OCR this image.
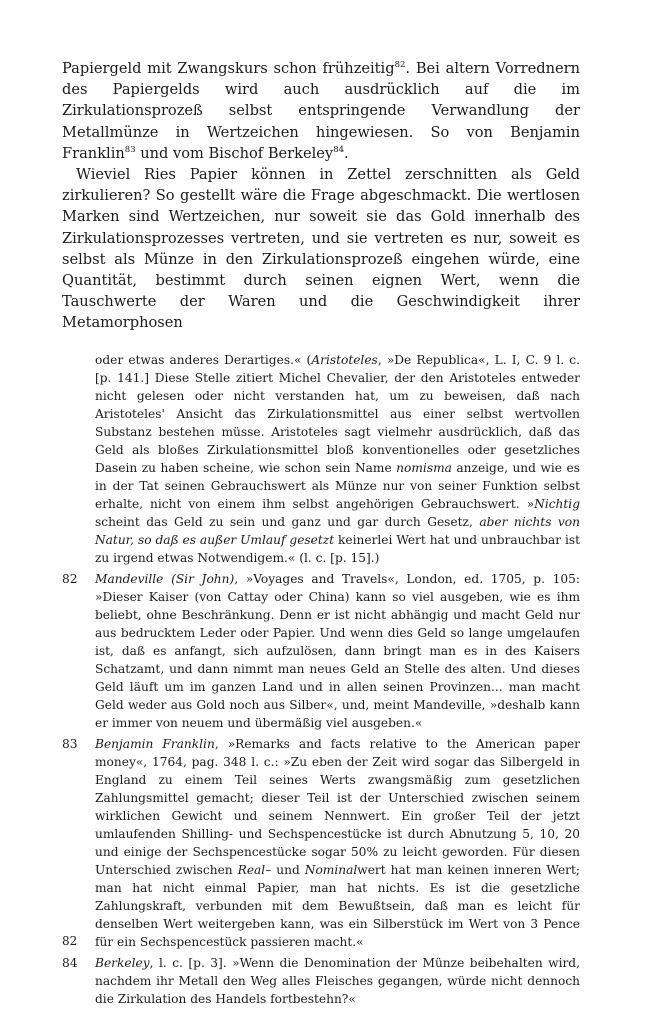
Papiergeld mit Zwangskurs schon frühzeitig$^{82}$. Bei altern Vorrednern des Papiergelds wird auch ausdrücklich auf die im Zirkulationsprozeß selbst entspringende Verwandlung der Metallmünze in Wertzeichen hingewiesen. So von Benjamin Franklin$^{83}$ und vom Bischof Berkeley$^{84}$.

Wieviel Ries Papier können in Zettel zerschnitten als Geld zirkulieren? So gestellt wäre die Frage abgeschmackt. Die wertlosen Marken sind Wertzeichen, nur soweit sie das Gold innerhalb des Zirkulationsprozesses vertreten, und sie vertreten es nur, soweit es selbst als Münze in den Zirkulationsprozeß eingehen würde, eine Quantität, bestimmt durch seinen eignen Wert, wenn die Tauschwerte der Waren und die Geschwindigkeit ihrer Metamorphosen

oder etwas anderes Derartiges.« (Aristoteles, »De Republica«, L. I, C. 9 l. c. [p. 141.] Diese Stelle zitiert Michel Chevalier, der den Aristoteles entweder nicht gelesen oder nicht verstanden hat, um zu beweisen, daß nach Aristoteles' Ansicht das Zirkulationsmittel aus einer selbst wertvollen Substanz bestehen müsse. Aristoteles sagt vielmehr ausdrücklich, daß das Geld als bloßes Zirkulationsmittel bloß konventionelles oder gesetzliches Dasein zu haben scheine, wie schon sein Name nomisma anzeige, und wie es in der Tat seinen Gebrauchswert als Münze nur von seiner Funktion selbst erhalte, nicht von einem ihm selbst angehörigen Gebrauchswert. »Nichtig scheint das Geld zu sein und ganz und gar durch Gesetz, aber nichts von Natur, so daß es außer Umlauf gesetzt keinerlei Wert hat und unbrauchbar ist zu irgend etwas Notwendigem.« (l. c. [p. 15].)
82	Mandeville (Sir John), »Voyages and Travels«, London, ed. 1705, p. 105: »Dieser Kaiser (von Cattay oder China) kann so viel ausgeben, wie es ihm beliebt, ohne Beschränkung. Denn er ist nicht abhängig und macht Geld nur aus bedrucktem Leder oder Papier. Und wenn dies Geld so lange umgelaufen ist, daß es anfangt, sich aufzulösen, dann bringt man es in des Kaisers Schatzamt, und dann nimmt man neues Geld an Stelle des alten. Und dieses Geld läuft um im ganzen Land und in allen seinen Provinzen... man macht Geld weder aus Gold noch aus Silber«, und, meint Mandeville, »deshalb kann er immer von neuem und übermäßig viel ausgeben.«
83	Benjamin Franklin, »Remarks and facts relative to the American paper money«, 1764, pag. 348 l. c.: »Zu eben der Zeit wird sogar das Silbergeld in England zu einem Teil seines Werts zwangsmäßig zum gesetzlichen Zahlungsmittel gemacht; dieser Teil ist der Unterschied zwischen seinem wirklichen Gewicht und seinem Nennwert. Ein großer Teil der jetzt umlaufenden Shilling- und Sechspencestücke ist durch Abnutzung 5, 10, 20 und einige der Sechspencestücke sogar 50% zu leicht geworden. Für diesen Unterschied zwischen Real– und Nominalwert hat man keinen inneren Wert; man hat nicht einmal Papier, man hat nichts. Es ist die gesetzliche Zahlungskraft, verbunden mit dem Bewußtsein, daß man es leicht für denselben Wert weitergeben kann, was ein Silberstück im Wert von 3 Pence für ein Sechspencestück passieren macht.«
84	Berkeley, l. c. [p. 3]. »Wenn die Denomination der Münze beibehalten wird, nachdem ihr Metall den Weg alles Fleisches gegangen, würde nicht dennoch die Zirkulation des Handels fortbestehn?«
82
